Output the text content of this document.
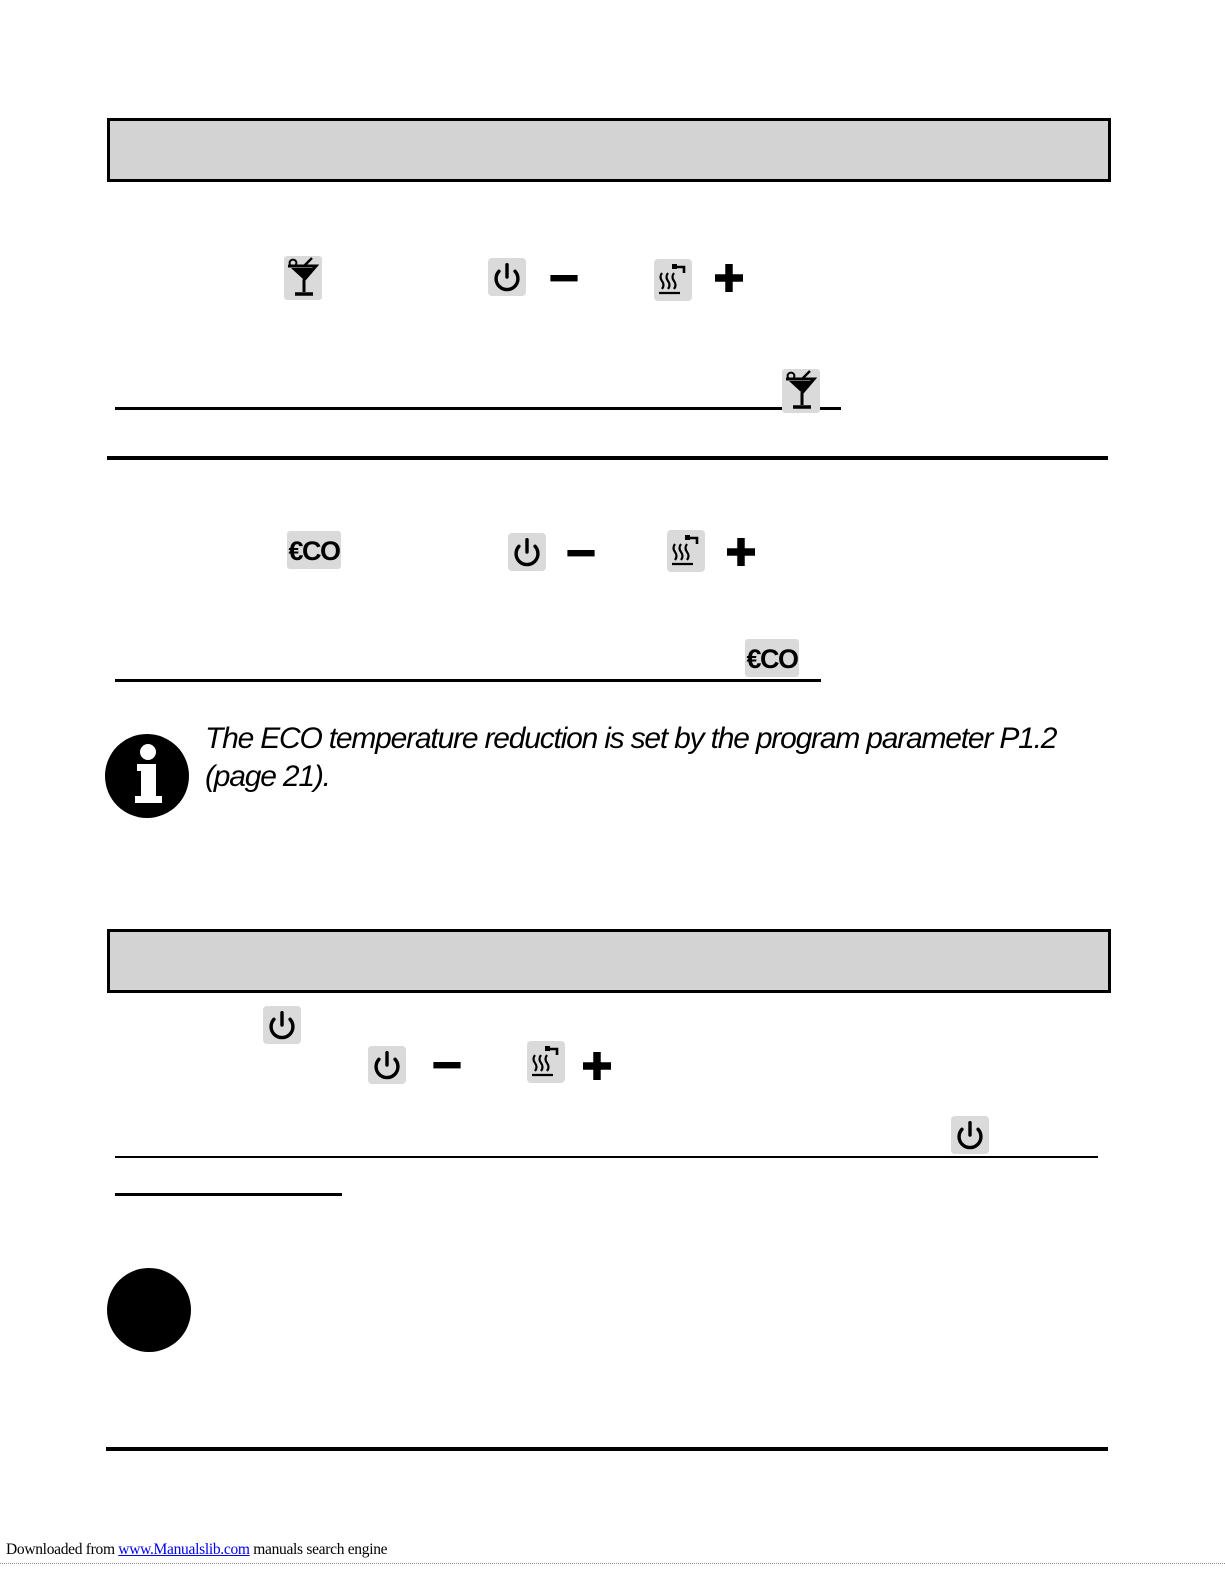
The ECO temperature reduction is set by the program parameter P1.2
(page 21).
Downloaded from www.Manualslib.com manuals search engine
